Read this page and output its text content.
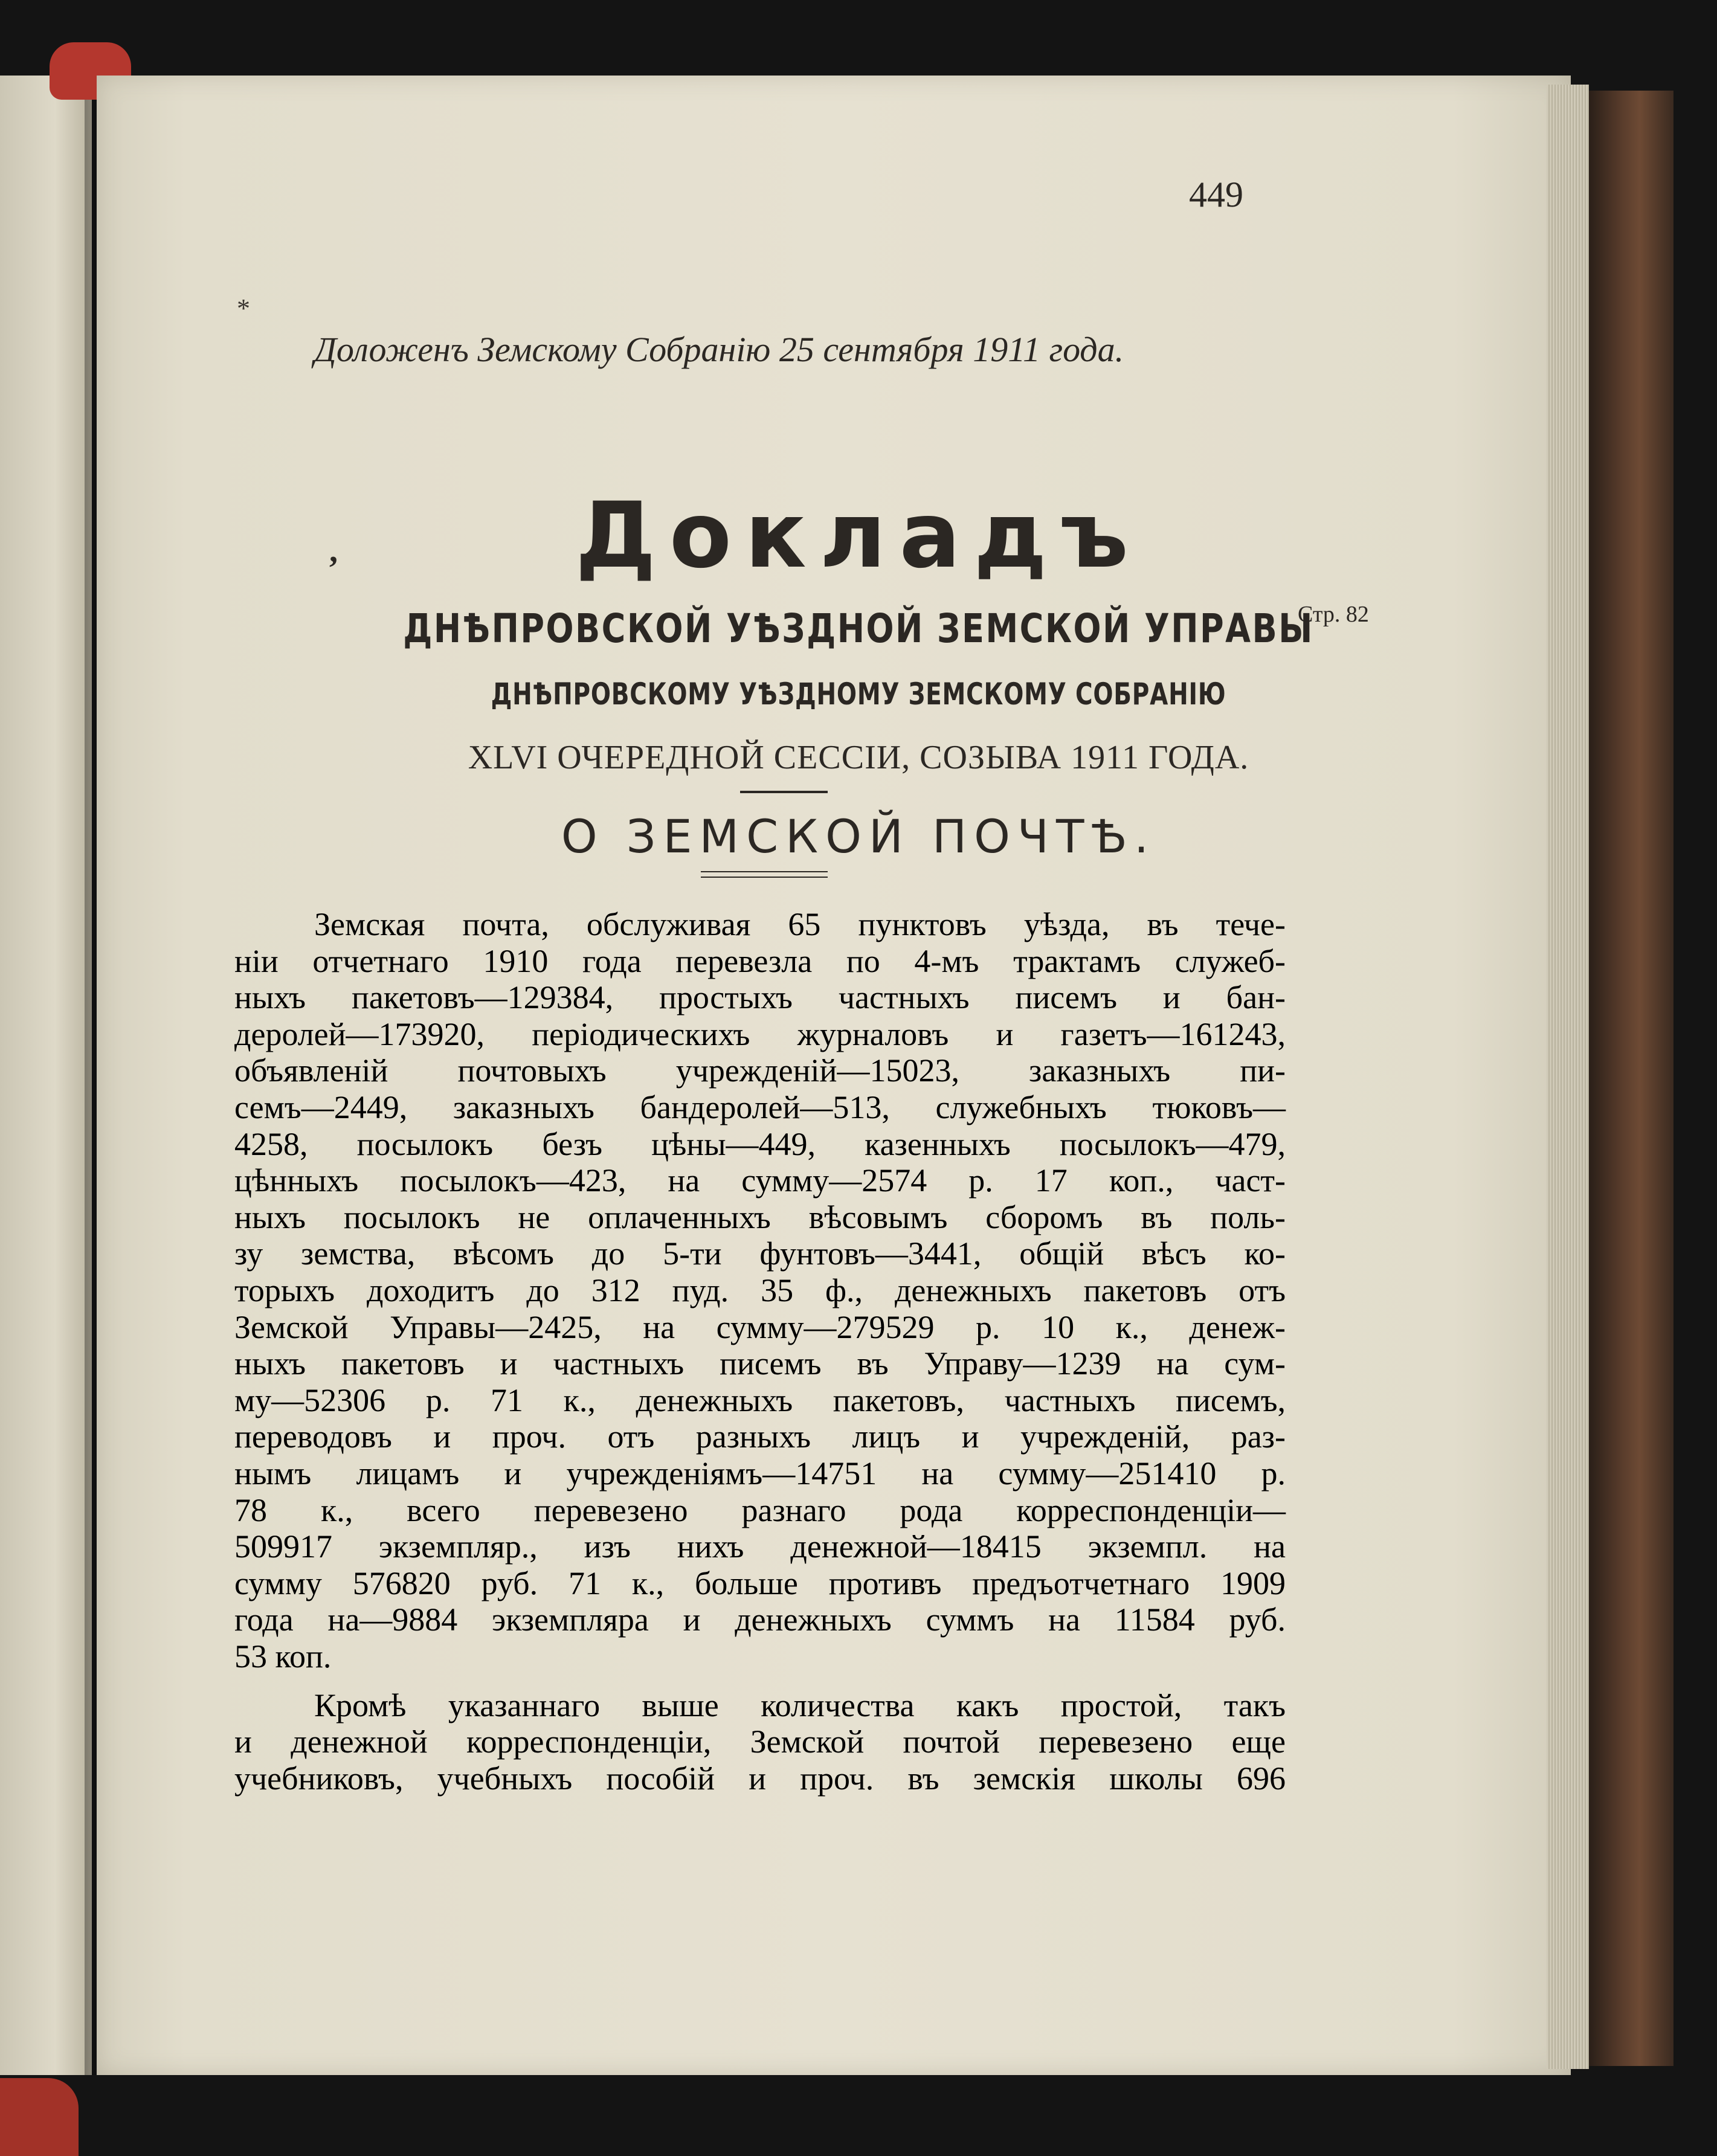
449
*
Доложенъ Земскому Собранію 25 сентября 1911 года.
,	Докладъ
ДНѢПРОВСКОЙ УѢЗДНОЙ ЗЕМСКОЙ УПРАВЫ
Стр. 82
ДНѢПРОВСКОМУ УѢЗДНОМУ ЗЕМСКОМУ СОБРАНІЮ
XLVI ОЧЕРЕДНОЙ СЕССІИ, СОЗЫВА 1911 ГОДА.
О ЗЕМСКОЙ ПОЧТѢ.
Земская почта, обслуживая 65 пунктовъ уѣзда, въ тече-
ніи отчетнаго 1910 года перевезла по 4-мъ трактамъ служеб-
ныхъ пакетовъ—129384, простыхъ частныхъ писемъ и бан-
деролей—173920, періодическихъ журналовъ и газетъ—161243,
объявленій почтовыхъ учрежденій—15023, заказныхъ пи-
семъ—2449, заказныхъ бандеролей—513, служебныхъ тюковъ—
4258, посылокъ безъ цѣны—449, казенныхъ посылокъ—479,
цѣнныхъ посылокъ—423, на сумму—2574 р. 17 коп., част-
ныхъ посылокъ не оплаченныхъ вѣсовымъ сборомъ въ поль-
зу земства, вѣсомъ до 5-ти фунтовъ—3441, общій вѣсъ ко-
торыхъ доходитъ до 312 пуд. 35 ф., денежныхъ пакетовъ отъ
Земской Управы—2425, на сумму—279529 р. 10 к., денеж-
ныхъ пакетовъ и частныхъ писемъ въ Управу—1239 на сум-
му—52306 р. 71 к., денежныхъ пакетовъ, частныхъ писемъ,
переводовъ и проч. отъ разныхъ лицъ и учрежденій, раз-
нымъ лицамъ и учрежденіямъ—14751 на сумму—251410 р.
78 к., всего перевезено разнаго рода корреспонденціи—
509917 экземпляр., изъ нихъ денежной—18415 экземпл. на
сумму 576820 руб. 71 к., больше противъ предъотчетнаго 1909
года на—9884 экземпляра и денежныхъ суммъ на 11584 руб.
53 коп.
Кромѣ указаннаго выше количества какъ простой, такъ
и денежной корреспонденціи, Земской почтой перевезено еще
учебниковъ, учебныхъ пособій и проч. въ земскія школы 696
